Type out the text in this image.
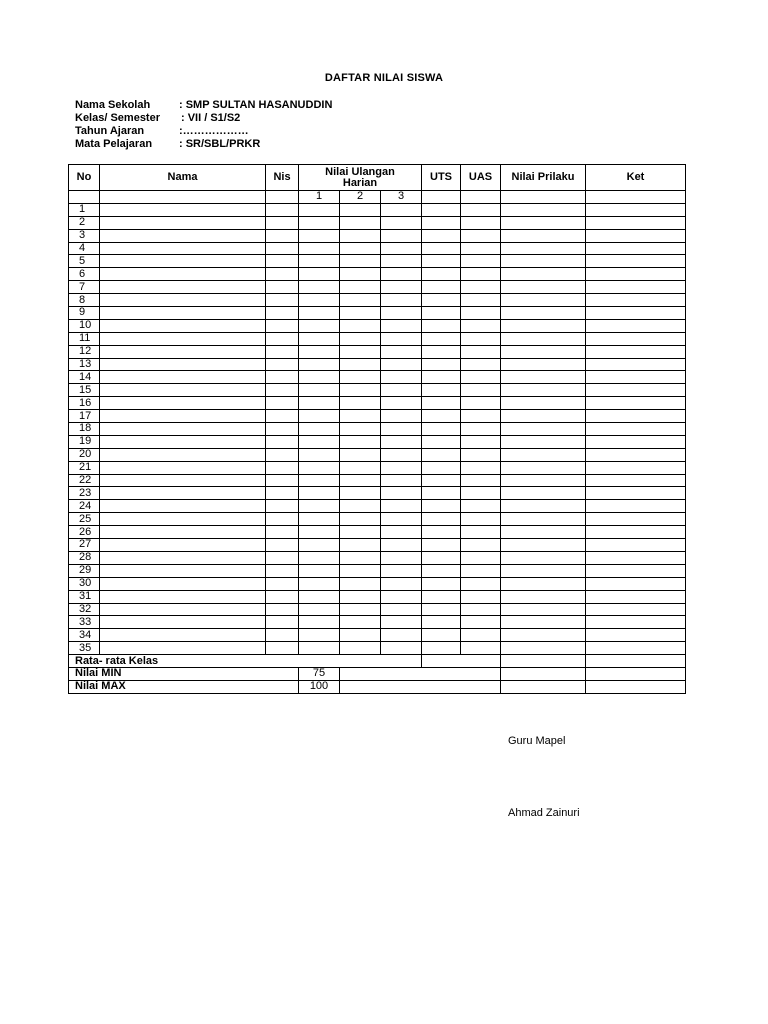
DAFTAR NILAI SISWA
Nama Sekolah	: SMP SULTAN HASANUDDIN
Kelas/ Semester : VII / S1/S2
Tahun Ajaran	:………………
Mata Pelajaran : SR/SBL/PRKR
No	Nama	Nis	Nilai Ulangan Harian			UTS	UAS	Nilai Prilaku	Ket
			1	2	3				
1									
2									
3									
4									
5									
6									
7									
8									
9									
10									
11									
12									
13									
14									
15									
16									
17									
18									
19									
20									
21									
22									
23									
24									
25									
26									
27									
28									
29									
30									
31									
32									
33									
34									
35									
Rata- rata Kelas									
Nilai MIN			75						
Nilai MAX			100						
Guru Mapel
Ahmad Zainuri
